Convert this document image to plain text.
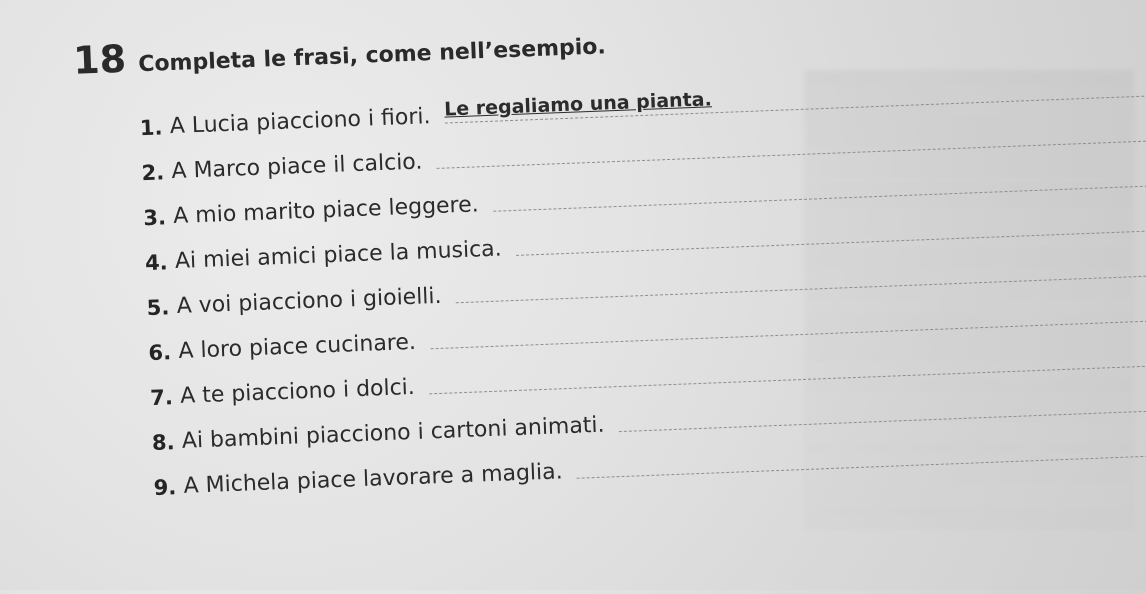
18 Completa le frasi, come nell’esempio.
1. A Lucia piacciono i fiori. Le regaliamo una pianta.
2. A Marco piace il calcio.
3. A mio marito piace leggere.
4. Ai miei amici piace la musica.
5. A voi piacciono i gioielli.
6. A loro piace cucinare.
7. A te piacciono i dolci.
8. Ai bambini piacciono i cartoni animati.
9. A Michela piace lavorare a maglia.
